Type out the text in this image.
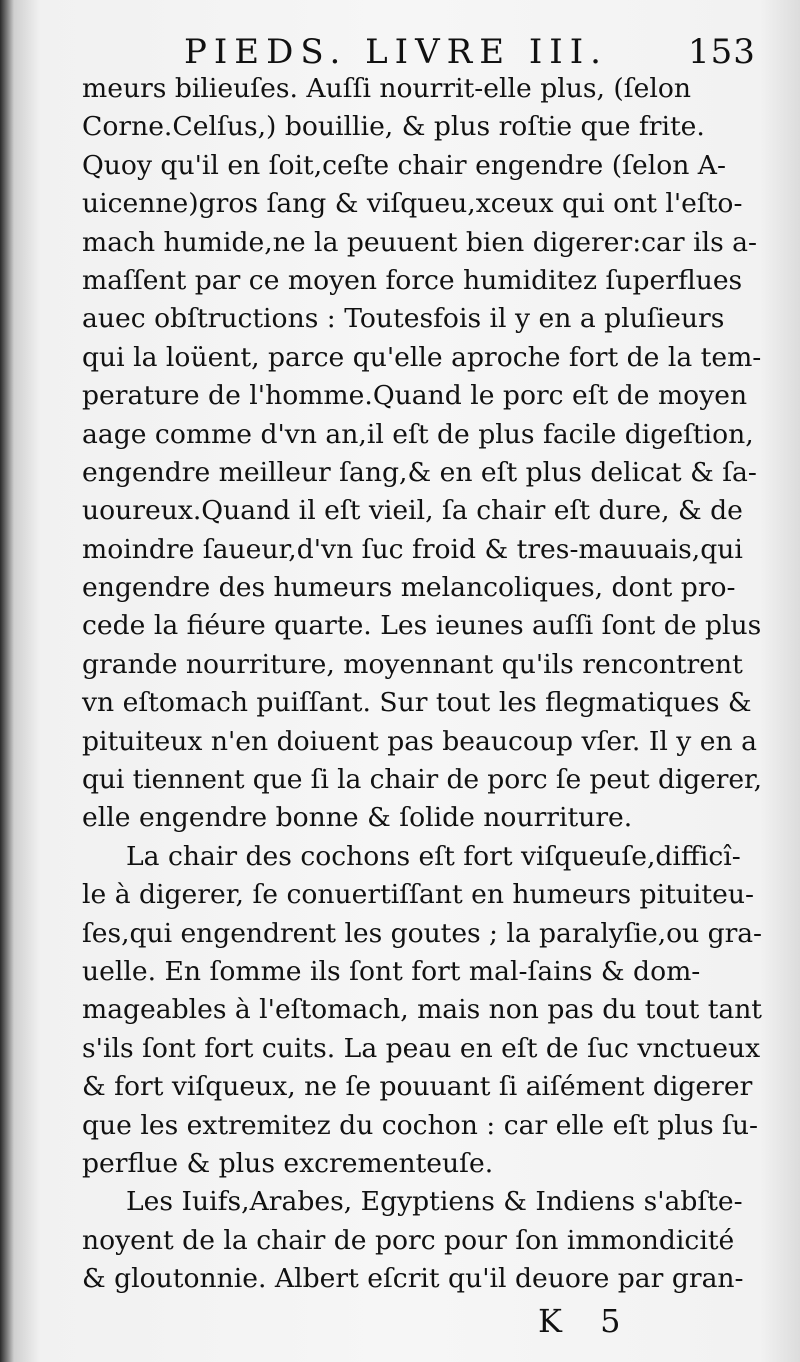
PIEDS. LIVRE III. 153
meurs bilieuſes. Auſſi nourrit-elle plus, (ſelon
Corne.Celſus,) bouillie, & plus roſtie que frite.
Quoy qu'il en ſoit,ceſte chair engendre (ſelon A-
uicenne)gros ſang & viſqueu,xceux qui ont l'eſto-
mach humide,ne la peuuent bien digerer:car ils a-
maſſent par ce moyen force humiditez ſuperflues
auec obſtructions : Toutesfois il y en a pluſieurs
qui la loüent, parce qu'elle aproche fort de la tem-
perature de l'homme.Quand le porc eſt de moyen
aage comme d'vn an,il eſt de plus facile digeſtion,
engendre meilleur ſang,& en eſt plus delicat & ſa-
uoureux.Quand il eſt vieil, ſa chair eſt dure, & de
moindre ſaueur,d'vn ſuc froid & tres-mauuais,qui
engendre des humeurs melancoliques, dont pro-
cede la fiéure quarte. Les ieunes auſſi ſont de plus
grande nourriture, moyennant qu'ils rencontrent
vn eſtomach puiſſant. Sur tout les flegmatiques &
pituiteux n'en doiuent pas beaucoup vſer. Il y en a
qui tiennent que ſi la chair de porc ſe peut digerer,
elle engendre bonne & ſolide nourriture.
La chair des cochons eſt fort viſqueuſe,difficî-
le à digerer, ſe conuertiſſant en humeurs pituiteu-
ſes,qui engendrent les goutes ; la paralyſie,ou gra-
uelle. En ſomme ils ſont fort mal-ſains & dom-
mageables à l'eſtomach, mais non pas du tout tant
s'ils ſont fort cuits. La peau en eſt de ſuc vnctueux
& fort viſqueux, ne ſe pouuant ſi aiſément digerer
que les extremitez du cochon : car elle eſt plus ſu-
perflue & plus excrementeuſe.
Les Iuifs,Arabes, Egyptiens & Indiens s'abſte-
noyent de la chair de porc pour ſon immondicité
& gloutonnie. Albert eſcrit qu'il deuore par gran-
K 5
